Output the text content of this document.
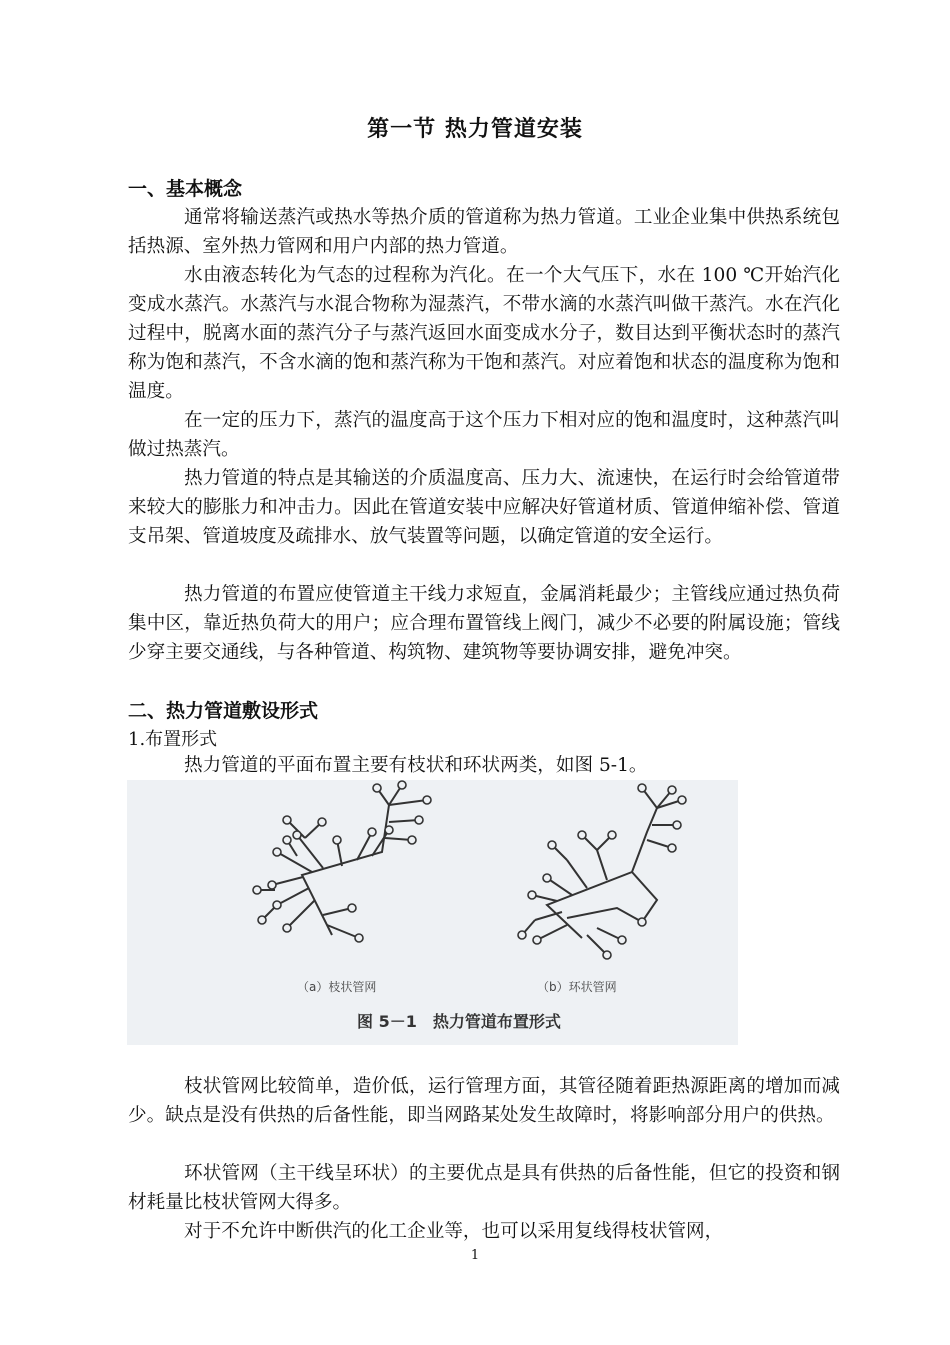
第一节 热力管道安装
一、基本概念

通常将输送蒸汽或热水等热介质的管道称为热力管道。工业企业集中供热系统包括热源、室外热力管网和用户内部的热力管道。

水由液态转化为气态的过程称为汽化。在一个大气压下，水在 100 ℃开始汽化变成水蒸汽。水蒸汽与水混合物称为湿蒸汽，不带水滴的水蒸汽叫做干蒸汽。水在汽化过程中，脱离水面的蒸汽分子与蒸汽返回水面变成水分子，数目达到平衡状态时的蒸汽称为饱和蒸汽，不含水滴的饱和蒸汽称为干饱和蒸汽。对应着饱和状态的温度称为饱和温度。

在一定的压力下，蒸汽的温度高于这个压力下相对应的饱和温度时，这种蒸汽叫做过热蒸汽。

热力管道的特点是其输送的介质温度高、压力大、流速快，在运行时会给管道带来较大的膨胀力和冲击力。因此在管道安装中应解决好管道材质、管道伸缩补偿、管道支吊架、管道坡度及疏排水、放气装置等问题，以确定管道的安全运行。

热力管道的布置应使管道主干线力求短直，金属消耗最少；主管线应通过热负荷集中区，靠近热负荷大的用户；应合理布置管线上阀门，减少不必要的附属设施；管线少穿主要交通线，与各种管道、构筑物、建筑物等要协调安排，避免冲突。

二、热力管道敷设形式
1.布置形式

热力管道的平面布置主要有枝状和环状两类，如图 5-1。

（a）枝状管网	（b）环状管网
图 5－1　热力管道布置形式

枝状管网比较简单，造价低，运行管理方面，其管径随着距热源距离的增加而减少。缺点是没有供热的后备性能，即当网路某处发生故障时，将影响部分用户的供热。

环状管网（主干线呈环状）的主要优点是具有供热的后备性能，但它的投资和钢材耗量比枝状管网大得多。

对于不允许中断供汽的化工企业等，也可以采用复线得枝状管网，

1
